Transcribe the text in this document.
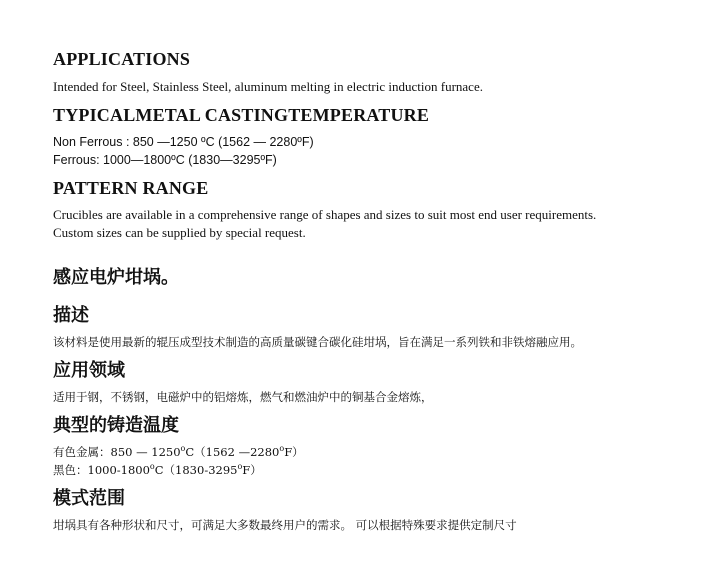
APPLICATIONS

Intended for Steel, Stainless Steel, aluminum melting in electric induction furnace.

TYPICALMETAL CASTINGTEMPERATURE

Non Ferrous : 850 —1250 ºC (1562 — 2280ºF)

Ferrous: 1000—1800ºC (1830—3295ºF)

PATTERN RANGE

Crucibles are available in a comprehensive range of shapes and sizes to suit most end user requirements.

Custom sizes can be supplied by special request.

感应电炉坩埚。
描述

该材料是使用最新的辊压成型技术制造的高质量碳键合碳化硅坩埚，旨在满足一系列铁和非铁熔融应用。

应用领域

适用于钢，不锈钢，电磁炉中的铝熔炼，燃气和燃油炉中的铜基合金熔炼，

典型的铸造温度

有色金属：850 — 1250$^o$C（1562 —2280$^o$F）

黑色：1000-1800$^o$C（1830-3295$^o$F）

模式范围

坩埚具有各种形状和尺寸，可满足大多数最终用户的需求。 可以根据特殊要求提供定制尺寸
